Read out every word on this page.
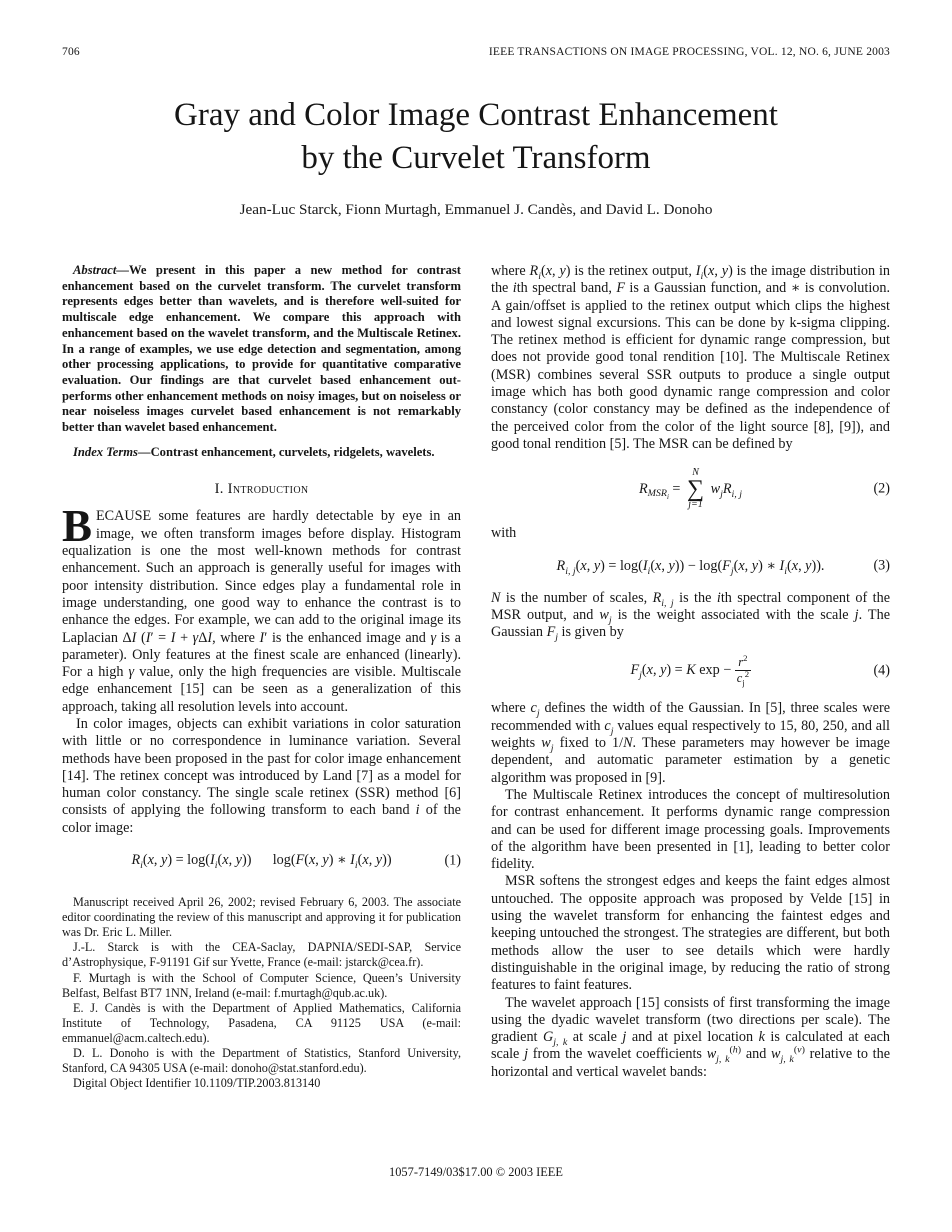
706	IEEE TRANSACTIONS ON IMAGE PROCESSING, VOL. 12, NO. 6, JUNE 2003
Gray and Color Image Contrast Enhancement
by the Curvelet Transform
Jean-Luc Starck, Fionn Murtagh, Emmanuel J. Candès, and David L. Donoho

Abstract—We present in this paper a new method for contrast enhancement based on the curvelet transform. The curvelet transform represents edges better than wavelets, and is therefore well-suited for multiscale edge enhancement. We compare this approach with enhancement based on the wavelet transform, and the Multiscale Retinex. In a range of examples, we use edge detection and segmentation, among other processing applications, to provide for quantitative comparative evaluation. Our findings are that curvelet based enhancement out-performs other enhancement methods on noisy images, but on noiseless or near noiseless images curvelet based enhancement is not remarkably better than wavelet based enhancement.

Index Terms—Contrast enhancement, curvelets, ridgelets, wavelets.

I. Introduction

BECAUSE some features are hardly detectable by eye in an image, we often transform images before display. Histogram equalization is one the most well-known methods for contrast enhancement. Such an approach is generally useful for images with poor intensity distribution. Since edges play a fundamental role in image understanding, one good way to enhance the contrast is to enhance the edges. For example, we can add to the original image its Laplacian ΔI (I′ = I + γΔI, where I′ is the enhanced image and γ is a parameter). Only features at the finest scale are enhanced (linearly). For a high γ value, only the high frequencies are visible. Multiscale edge enhancement [15] can be seen as a generalization of this approach, taking all resolution levels into account.

In color images, objects can exhibit variations in color saturation with little or no correspondence in luminance variation. Several methods have been proposed in the past for color image enhancement [14]. The retinex concept was introduced by Land [7] as a model for human color constancy. The single scale retinex (SSR) method [6] consists of applying the following transform to each band i of the color image:

$R_i(x$, $y) = \log(I_i(x$, y))  log(F(x, y) ∗ $I_i(x$, y))	(1)

Manuscript received April 26, 2002; revised February 6, 2003. The associate editor coordinating the review of this manuscript and approving it for publication was Dr. Eric L. Miller.

J.-L. Starck is with the CEA-Saclay, DAPNIA/SEDI-SAP, Service d’Astrophysique, F-91191 Gif sur Yvette, France (e-mail: jstarck@cea.fr).

F. Murtagh is with the School of Computer Science, Queen’s University Belfast, Belfast BT7 1NN, Ireland (e-mail: f.murtagh@qub.ac.uk).

E. J. Candès is with the Department of Applied Mathematics, California Institute of Technology, Pasadena, CA 91125 USA (e-mail: emmanuel@acm.caltech.edu).

D. L. Donoho is with the Department of Statistics, Stanford University, Stanford, CA 94305 USA (e-mail: donoho@stat.stanford.edu).

Digital Object Identifier 10.1109/TIP.2003.813140

where $R_i(x$, y) is the retinex output, $I_i(x$, y) is the image distribution in the ith spectral band, F is a Gaussian function, and ∗ is convolution. A gain/offset is applied to the retinex output which clips the highest and lowest signal excursions. This can be done by k-sigma clipping. The retinex method is efficient for dynamic range compression, but does not provide good tonal rendition [10]. The Multiscale Retinex (MSR) combines several SSR outputs to produce a single output image which has both good dynamic range compression and color constancy (color constancy may be defined as the independence of the perceived color from the color of the light source [8], [9]), and good tonal rendition [5]. The MSR can be defined by

$R_{MSR_i}$ =
N
∑
j=1
$w_jR_{i, j}$	(2)

with

$R_{i, j}(x$, $y) = \log(I_i(x$, $y)) - \log(F_j(x$, y) ∗ $I_i(x$, y)).	(3)

N is the number of scales, $R_{i, j}$ is the ith spectral component of the MSR output, and $w_j$ is the weight associated with the scale j. The Gaussian $F_j$ is given by

$F_j(x$, y) = K $\exp - \frac{r^2}{c_j^2}$	(4)

where $c_j$ defines the width of the Gaussian. In [5], three scales were recommended with $c_j$ values equal respectively to 15, 80, 250, and all weights $w_j$ fixed to 1/N. These parameters may however be image dependent, and automatic parameter estimation by a genetic algorithm was proposed in [9].

The Multiscale Retinex introduces the concept of multiresolution for contrast enhancement. It performs dynamic range compression and can be used for different image processing goals. Improvements of the algorithm have been presented in [1], leading to better color fidelity.

MSR softens the strongest edges and keeps the faint edges almost untouched. The opposite approach was proposed by Velde [15] in using the wavelet transform for enhancing the faintest edges and keeping untouched the strongest. The strategies are different, but both methods allow the user to see details which were hardly distinguishable in the original image, by reducing the ratio of strong features to faint features.

The wavelet approach [15] consists of first transforming the image using the dyadic wavelet transform (two directions per scale). The gradient $G_{j, k}$ at scale j and at pixel location k is calculated at each scale j from the wavelet coefficients $w_{j, k}^{(h)}$ and $w_{j, k}^{(v)}$ relative to the horizontal and vertical wavelet bands:

1057-7149/03$17.00 © 2003 IEEE
